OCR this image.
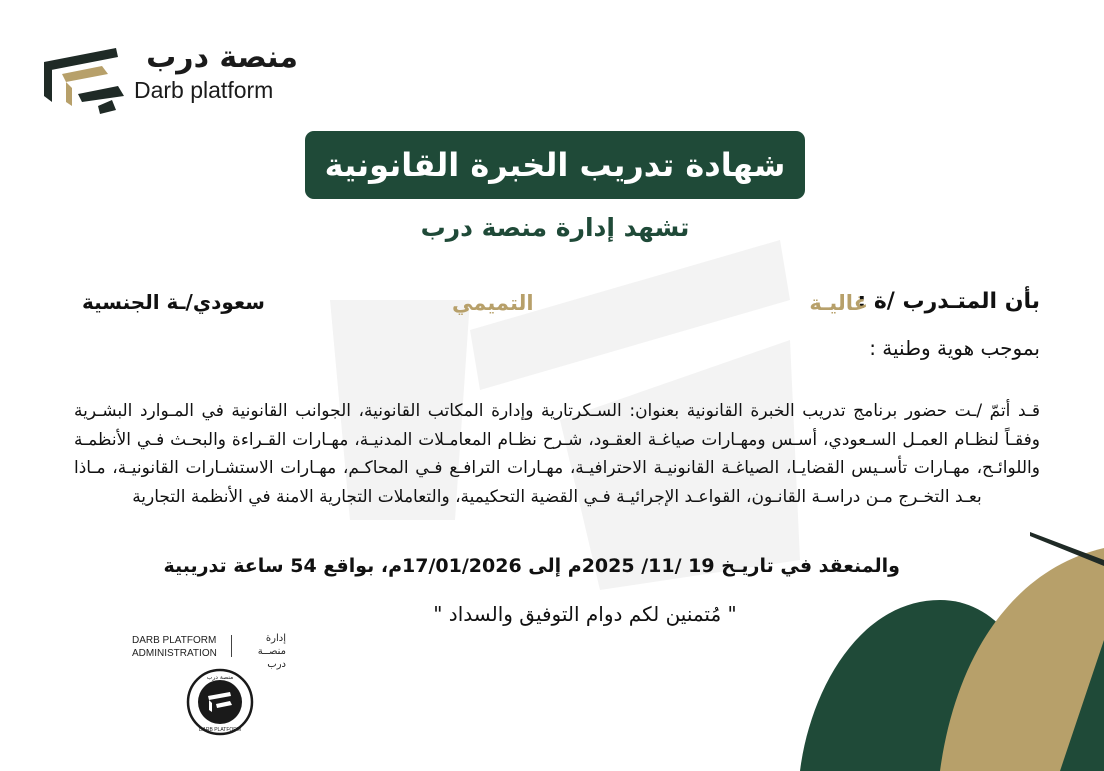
منصة درب
Darb platform
شهادة تدريب الخبرة القانونية
تشهد إدارة منصة درب
بأن المتـدرب /ة :
غاليـة
التميمي
سعودي/ـة الجنسية
بموجب هوية وطنية :
قـد أتمّ /ـت حضور برنامج تدريب الخبرة القانونية بعنوان: السـكرتارية وإدارة المكاتب القانونية، الجوانب القانونية في المـوارد البشـرية وفقـاً لنظـام العمـل السـعودي، أسـس ومهـارات صياغـة العقـود، شـرح نظـام المعامـلات المدنيـة، مهـارات القـراءة والبحـث فـي الأنظمـة واللوائـح، مهـارات تأسـيس القضايـا، الصياغـة القانونيـة الاحترافيـة، مهـارات الترافـع فـي المحاكـم، مهـارات الاستشـارات القانونيـة، مـاذا بعـد التخـرج مـن دراسـة القانـون، القواعـد الإجرائيـة فـي القضية التحكيمية، والتعاملات التجارية الامنة في الأنظمة التجارية
والمنعقد في تاريـخ 19 /11/ 2025م إلى 17/01/2026م، بواقع 54 ساعة تدريبية
" مُتمنين لكم دوام التوفيق والسداد "
DARB PLATFORM ADMINISTRATION
إدارة منصــة درب
منصة درب
DARB PLATFORM
